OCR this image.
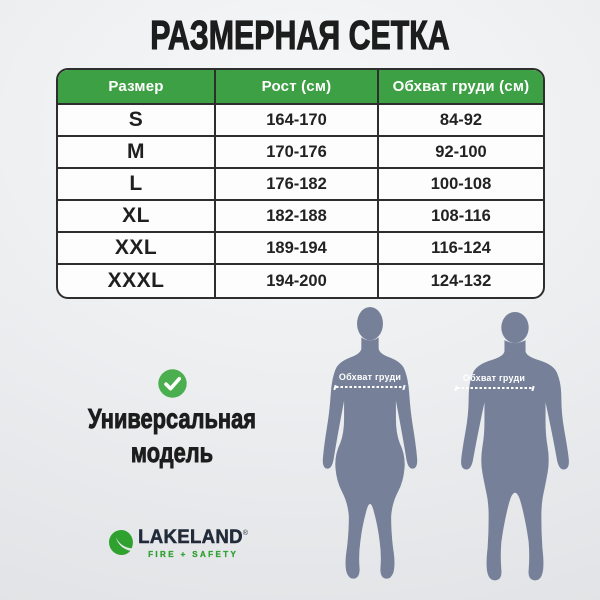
РАЗМЕРНАЯ СЕТКА
Размер	Рост (см)	Обхват груди (см)
S	164-170	84-92
M	170-176	92-100
L	176-182	100-108
XL	182-188	108-116
XXL	189-194	116-124
XXXL	194-200	124-132
Универсальная модель
Обхват груди	Обхват груди
LAKELAND®
FIRE + SAFETY
